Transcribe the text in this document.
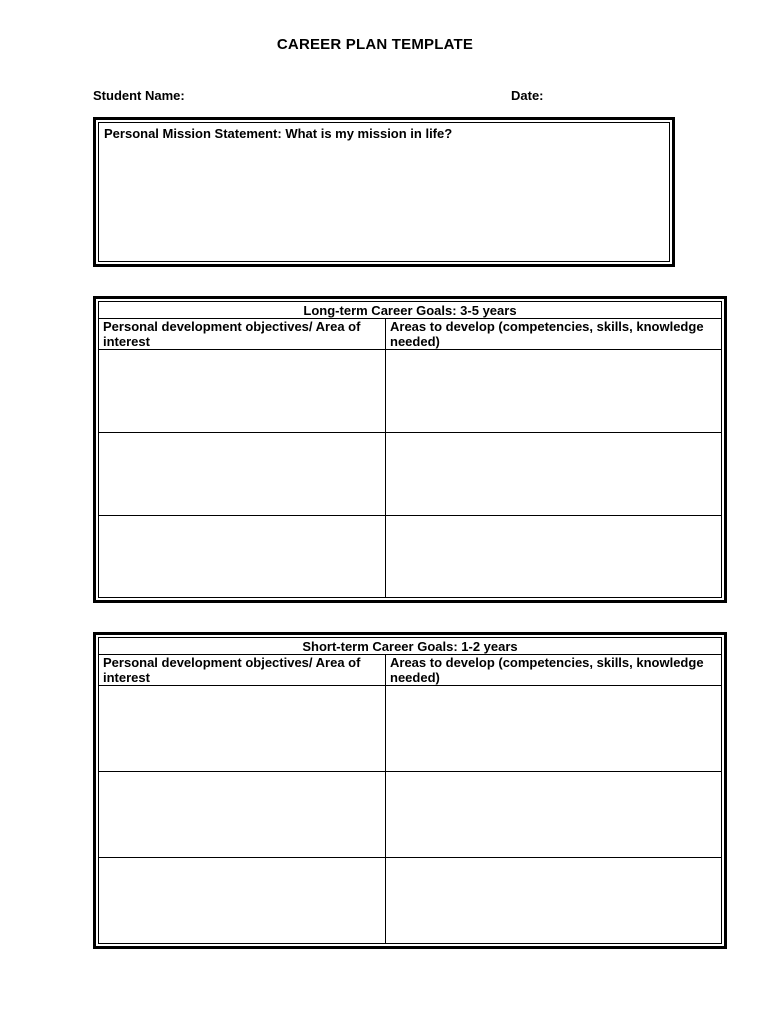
CAREER PLAN TEMPLATE
Student Name:	Date:
Personal Mission Statement: What is my mission in life?
Long-term Career Goals: 3-5 years	
Personal development objectives/ Area of interest	Areas to develop (competencies, skills, knowledge needed)

Short-term Career Goals: 1-2 years	
Personal development objectives/ Area of interest	Areas to develop (competencies, skills, knowledge needed)
